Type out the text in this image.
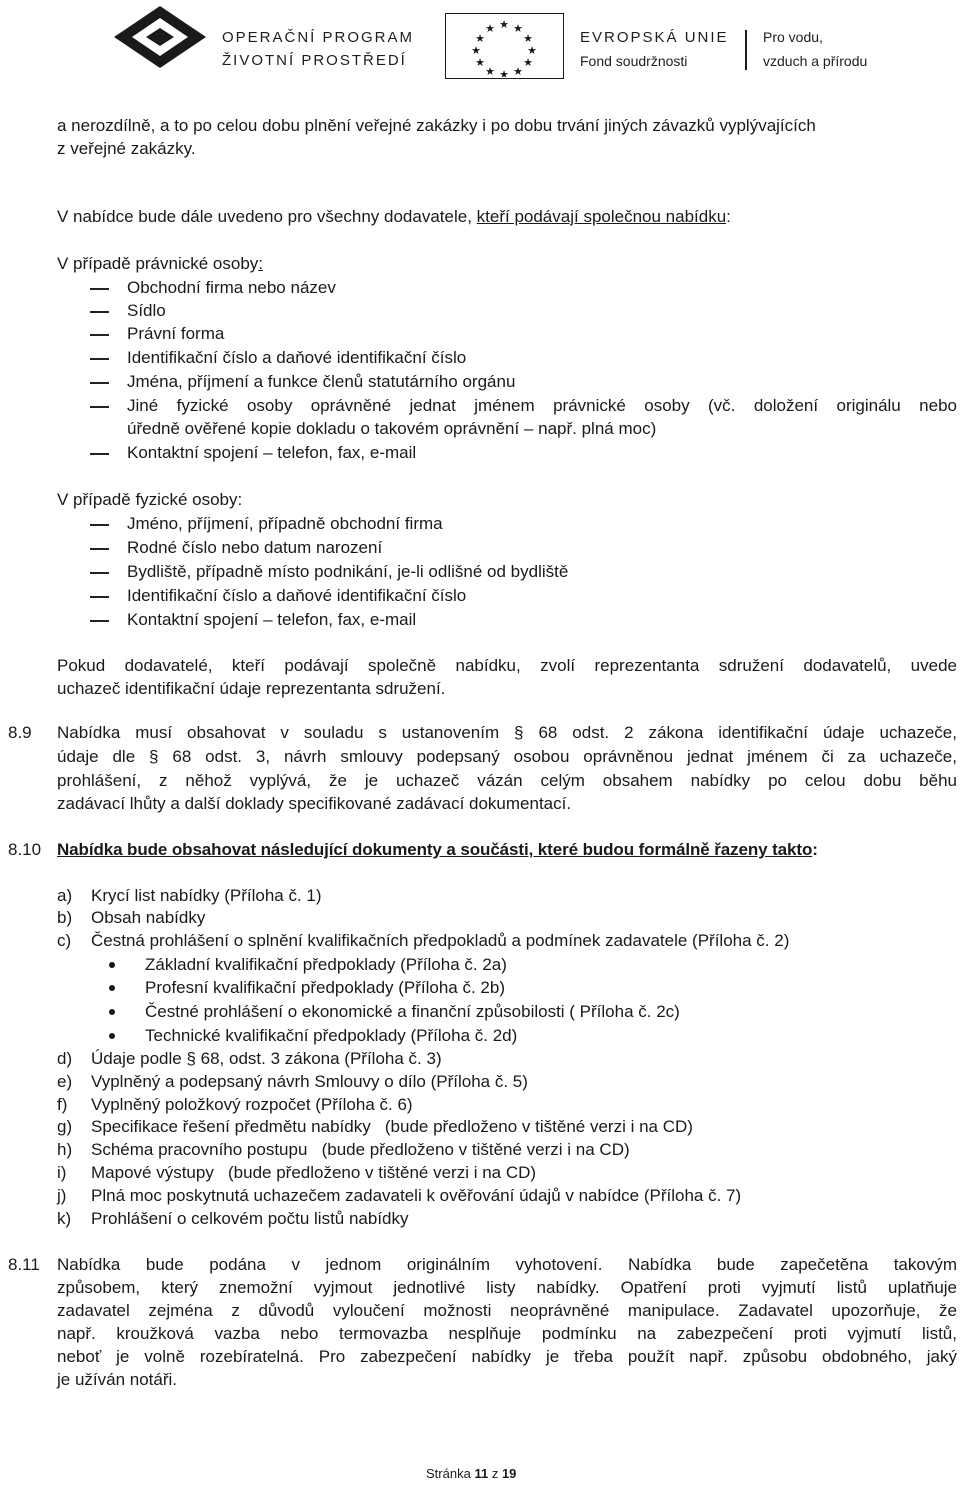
OPERAČNÍ PROGRAM
ŽIVOTNÍ PROSTŘEDÍ
★ ★
★
★
★
★
★
★
★
★
★
★
EVROPSKÁ UNIE
Fond soudržnosti
Pro vodu,
vzduch a přírodu
a nerozdílně, a to po celou dobu plnění veřejné zakázky i po dobu trvání jiných závazků vyplývajících
z veřejné zakázky.
V nabídce bude dále uvedeno pro všechny dodavatele, kteří podávají společnou nabídku:
V případě právnické osoby:
Obchodní firma nebo název
Sídlo
Právní forma
Identifikační číslo a daňové identifikační číslo
Jména, příjmení a funkce členů statutárního orgánu
Jiné fyzické osoby oprávněné jednat jménem právnické osoby (vč. doložení originálu nebo
úředně ověřené kopie dokladu o takovém oprávnění – např. plná moc)
Kontaktní spojení – telefon, fax, e-mail
V případě fyzické osoby:
Jméno, příjmení, případně obchodní firma
Rodné číslo nebo datum narození
Bydliště, případně místo podnikání, je-li odlišné od bydliště
Identifikační číslo a daňové identifikační číslo
Kontaktní spojení – telefon, fax, e-mail
Pokud dodavatelé, kteří podávají společně nabídku, zvolí reprezentanta sdružení dodavatelů, uvede
uchazeč identifikační údaje reprezentanta sdružení.
8.9 Nabídka musí obsahovat v souladu s ustanovením § 68 odst. 2 zákona identifikační údaje uchazeče,
údaje dle § 68 odst. 3, návrh smlouvy podepsaný osobou oprávněnou jednat jménem či za uchazeče,
prohlášení, z něhož vyplývá, že je uchazeč vázán celým obsahem nabídky po celou dobu běhu
zadávací lhůty a další doklady specifikované zadávací dokumentací.
8.10 Nabídka bude obsahovat následující dokumenty a součásti, které budou formálně řazeny takto:
a) Krycí list nabídky (Příloha č. 1)
b) Obsah nabídky
c) Čestná prohlášení o splnění kvalifikačních předpokladů a podmínek zadavatele (Příloha č. 2)
Základní kvalifikační předpoklady (Příloha č. 2a)
Profesní kvalifikační předpoklady (Příloha č. 2b)
Čestné prohlášení o ekonomické a finanční způsobilosti ( Příloha č. 2c)
Technické kvalifikační předpoklady (Příloha č. 2d)
d) Údaje podle § 68, odst. 3 zákona (Příloha č. 3)
e) Vyplněný a podepsaný návrh Smlouvy o dílo (Příloha č. 5)
f) Vyplněný položkový rozpočet (Příloha č. 6)
g) Specifikace řešení předmětu nabídky   (bude předloženo v tištěné verzi i na CD)
h) Schéma pracovního postupu   (bude předloženo v tištěné verzi i na CD)
i) Mapové výstupy   (bude předloženo v tištěné verzi i na CD)
j) Plná moc poskytnutá uchazečem zadavateli k ověřování údajů v nabídce (Příloha č. 7)
k) Prohlášení o celkovém počtu listů nabídky
8.11 Nabídka bude podána v jednom originálním vyhotovení. Nabídka bude zapečetěna takovým
způsobem, který znemožní vyjmout jednotlivé listy nabídky. Opatření proti vyjmutí listů uplatňuje
zadavatel zejména z důvodů vyloučení možnosti neoprávněné manipulace. Zadavatel upozorňuje, že
např. kroužková vazba nebo termovazba nesplňuje podmínku na zabezpečení proti vyjmutí listů,
neboť je volně rozebíratelná. Pro zabezpečení nabídky je třeba použít např. způsobu obdobného, jaký
je užíván notáři.
Stránka 11 z 19
